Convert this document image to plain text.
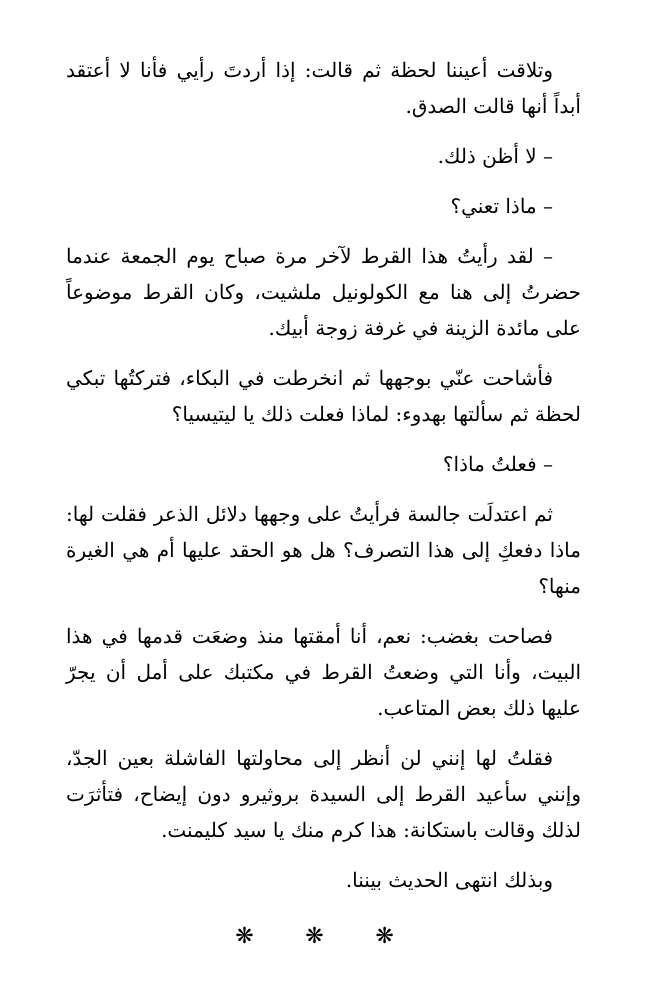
وتلاقت أعيننا لحظة ثم قالت: إذا أردتَ رأيي فأنا لا أعتقد أبداً أنها قالت الصدق.

– لا أظن ذلك.

– ماذا تعني؟

– لقد رأيتُ هذا القرط لآخر مرة صباح يوم الجمعة عندما حضرتُ إلى هنا مع الكولونيل ملشيت، وكان القرط موضوعاً على مائدة الزينة في غرفة زوجة أبيك.

فأشاحت عنّي بوجهها ثم انخرطت في البكاء، فتركتُها تبكي لحظة ثم سألتها بهدوء: لماذا فعلت ذلك يا ليتيسيا؟

– فعلتُ ماذا؟

ثم اعتدلَت جالسة فرأيتُ على وجهها دلائل الذعر فقلت لها: ماذا دفعكِ إلى هذا التصرف؟ هل هو الحقد عليها أم هي الغيرة منها؟

فصاحت بغضب: نعم، أنا أمقتها منذ وضعَت قدمها في هذا البيت، وأنا التي وضعتُ القرط في مكتبك على أمل أن يجرّ عليها ذلك بعض المتاعب.

فقلتُ لها إنني لن أنظر إلى محاولتها الفاشلة بعين الجدّ، وإنني سأعيد القرط إلى السيدة بروثيرو دون إيضاح، فتأثرَت لذلك وقالت باستكانة: هذا كرم منك يا سيد كليمنت.

وبذلك انتهى الحديث بيننا.

❋ ❋ ❋
